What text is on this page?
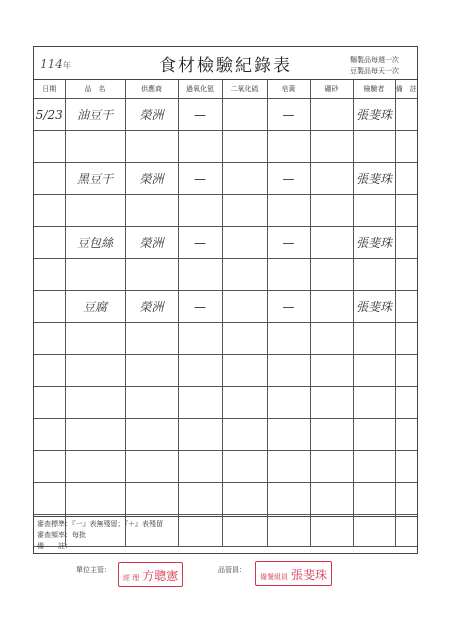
114年	食材檢驗紀錄表	麵製品每週一次
豆製品每天一次
日期	品　名	供應商	過氧化氫	二氧化硫	皂黃	硼砂	檢驗者	備　註
5/23	油豆干	榮洲	—		—		張斐珠	

	黑豆干	榮洲	—		—		張斐珠	

	豆包絲	榮洲	—		—		張斐珠	

	豆腐	榮洲	—		—		張斐珠	

審查標準：『一』表無殘留；『＋』表殘留
審查頻率：每批
備　　註：
單位主管：
經 理 方聰憲	品管員：
備餐組員 張斐珠
